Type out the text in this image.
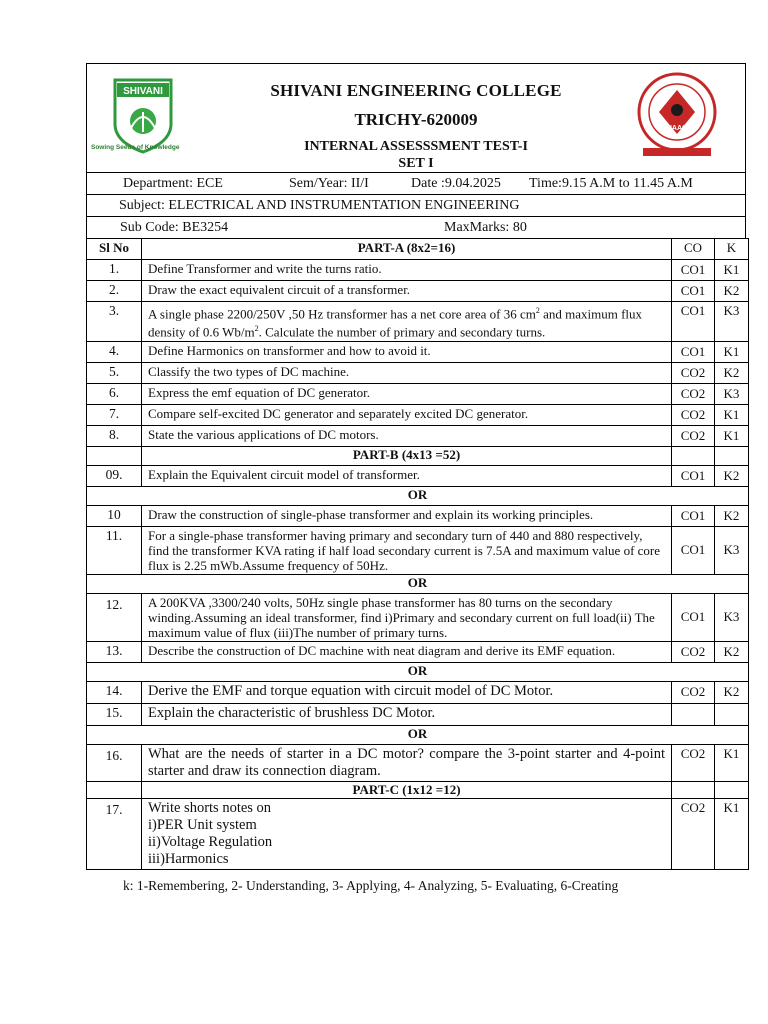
SHIVANI
Sowing Seeds of Knowledge
SHIVANI ENGINEERING COLLEGE
TRICHY-620009
INTERNAL ASSESSSMENT TEST-I
SET I
NAAC
Department: ECE	Sem/Year: II/I	Date :9.04.2025 Time:9.15 A.M to 11.45 A.M
Subject: ELECTRICAL AND INSTRUMENTATION ENGINEERING
Sub Code: BE3254	MaxMarks: 80
Sl No	PART-A (8x2=16)	CO	K
1.	Define Transformer and write the turns ratio.	CO1	K1
2.	Draw the exact equivalent circuit of a transformer.	CO1	K2
3.	A single phase 2200/250V ,50 Hz transformer has a net core area of 36 $cm^2$ and maximum flux density of 0.6 $Wb/m^2$. Calculate the number of primary and secondary turns.	CO1	K3
4.	Define Harmonics on transformer and how to avoid it.	CO1	K1
5.	Classify the two types of DC machine.	CO2	K2
6.	Express the emf equation of DC generator.	CO2	K3
7.	Compare self-excited DC generator and separately excited DC generator.	CO2	K1
8.	State the various applications of DC motors.	CO2	K1
	PART-B (4x13 =52)		
09.	Explain the Equivalent circuit model of transformer.	CO1	K2
OR			
10	Draw the construction of single-phase transformer and explain its working principles.	CO1	K2
11.	For a single-phase transformer having primary and secondary turn of 440 and 880 respectively, find the transformer KVA rating if half load secondary current is 7.5A and maximum value of core flux is 2.25 mWb.Assume frequency of 50Hz.	CO1	K3
OR			
12.	A 200KVA ,3300/240 volts, 50Hz single phase transformer has 80 turns on the secondary winding.Assuming an ideal transformer, find i)Primary and secondary current on full load(ii) The maximum value of flux (iii)The number of primary turns.	CO1	K3
13.	Describe the construction of DC machine with neat diagram and derive its EMF equation.	CO2	K2
OR			
14.	Derive the EMF and torque equation with circuit model of DC Motor.	CO2	K2
15.	Explain the characteristic of brushless DC Motor.		
OR			
16.	What are the needs of starter in a DC motor? compare the 3-point starter and 4-point starter and draw its connection diagram.	CO2	K1
	PART-C (1x12 =12)		
17.	Write shorts notes on
i)PER Unit system
ii)Voltage Regulation
iii)Harmonics	CO2	K1
k: 1-Remembering, 2- Understanding, 3- Applying, 4- Analyzing, 5- Evaluating, 6-Creating
